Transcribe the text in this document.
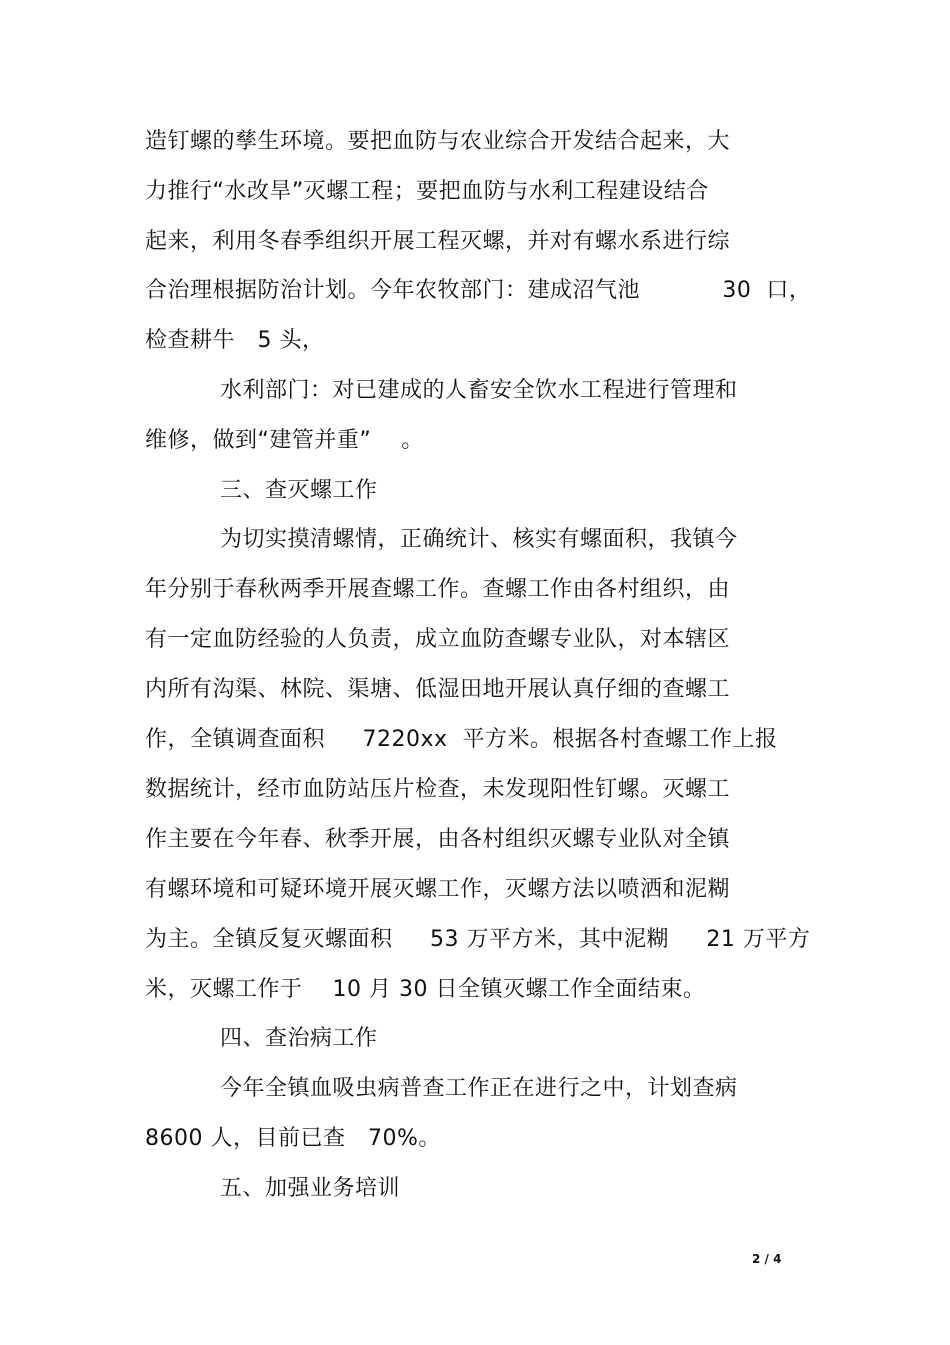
造钉螺的孳生环境。要把血防与农业综合开发结合起来，大
力推行“水改旱”灭螺工程；要把血防与水利工程建设结合
起来，利用冬春季组织开展工程灭螺，并对有螺水系进行综
合治理根据防治计划。今年农牧部门：建成沼气池           30  口，
检查耕牛   5 头，
水利部门：对已建成的人畜安全饮水工程进行管理和
维修，做到“建管并重”    。
三、查灭螺工作
为切实摸清螺情，正确统计、核实有螺面积，我镇今
年分别于春秋两季开展查螺工作。查螺工作由各村组织，由
有一定血防经验的人负责，成立血防查螺专业队，对本辖区
内所有沟渠、林院、渠塘、低湿田地开展认真仔细的查螺工
作，全镇调查面积     7220xx  平方米。根据各村查螺工作上报
数据统计，经市血防站压片检查，未发现阳性钉螺。灭螺工
作主要在今年春、秋季开展，由各村组织灭螺专业队对全镇
有螺环境和可疑环境开展灭螺工作，灭螺方法以喷洒和泥糊
为主。全镇反复灭螺面积     53 万平方米，其中泥糊     21 万平方
米，灭螺工作于    10 月 30 日全镇灭螺工作全面结束。
四、查治病工作
今年全镇血吸虫病普查工作正在进行之中，计划查病
8600 人，目前已查   70%。
五、加强业务培训
2 / 4
